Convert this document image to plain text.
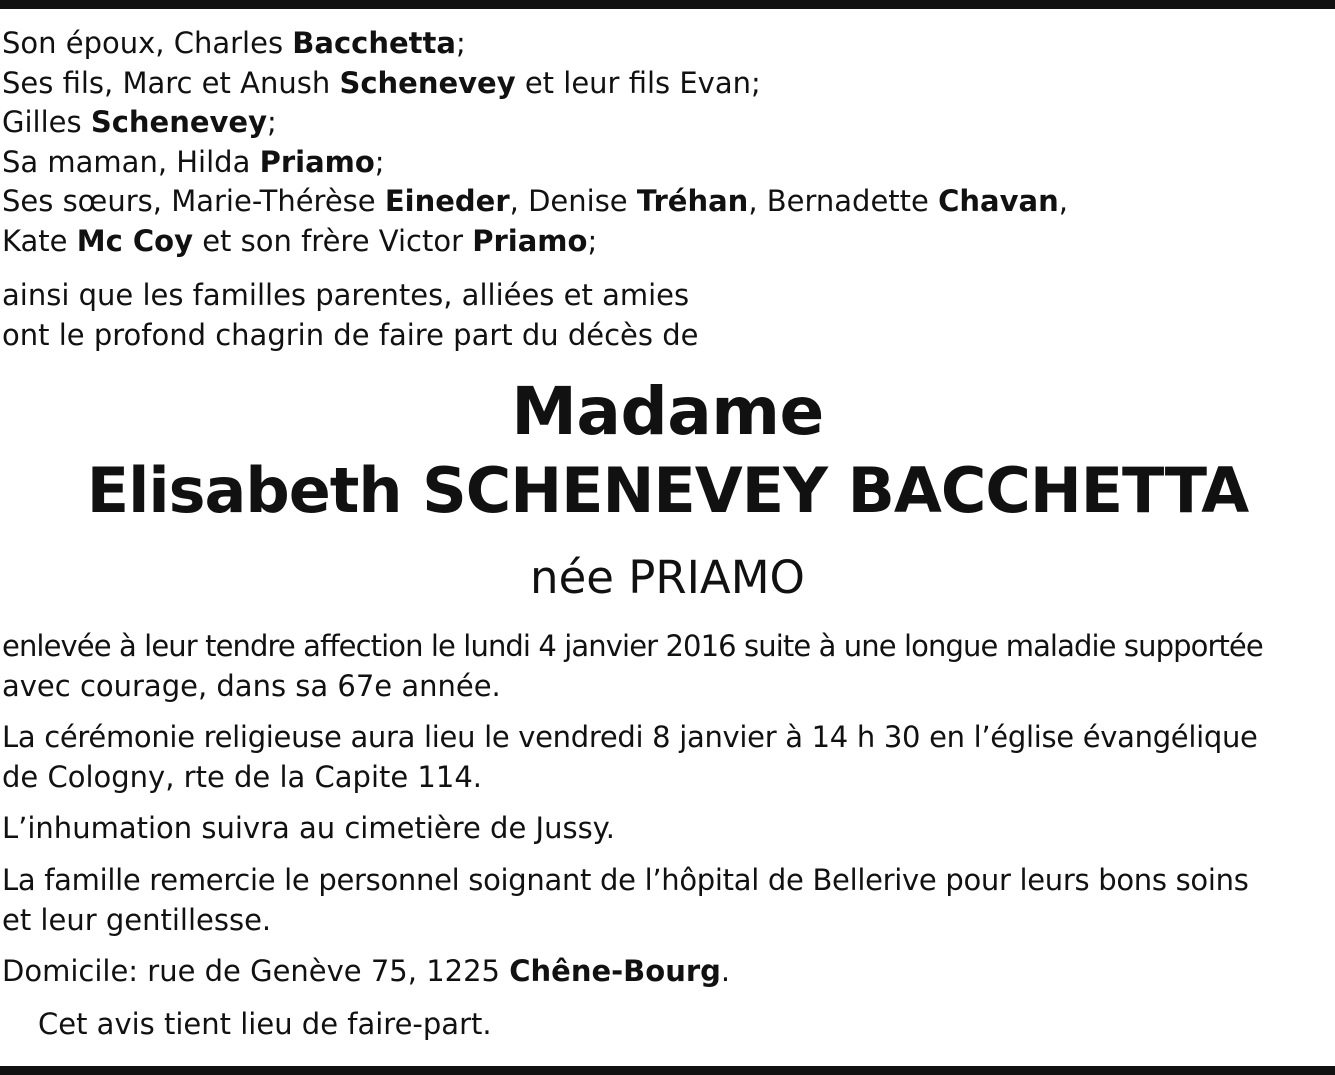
Son époux, Charles Bacchetta;
Ses fils, Marc et Anush Schenevey et leur fils Evan;
Gilles Schenevey;
Sa maman, Hilda Priamo;
Ses sœurs, Marie-Thérèse Eineder, Denise Tréhan, Bernadette Chavan,
Kate Mc Coy et son frère Victor Priamo;
ainsi que les familles parentes, alliées et amies
ont le profond chagrin de faire part du décès de
Madame
Elisabeth SCHENEVEY BACCHETTA
née PRIAMO
enlevée à leur tendre affection le lundi 4 janvier 2016 suite à une longue maladie supportée
avec courage, dans sa 67e année.
La cérémonie religieuse aura lieu le vendredi 8 janvier à 14 h 30 en l’église évangélique
de Cologny, rte de la Capite 114.
L’inhumation suivra au cimetière de Jussy.
La famille remercie le personnel soignant de l’hôpital de Bellerive pour leurs bons soins
et leur gentillesse.
Domicile: rue de Genève 75, 1225 Chêne-Bourg.
Cet avis tient lieu de faire-part.
